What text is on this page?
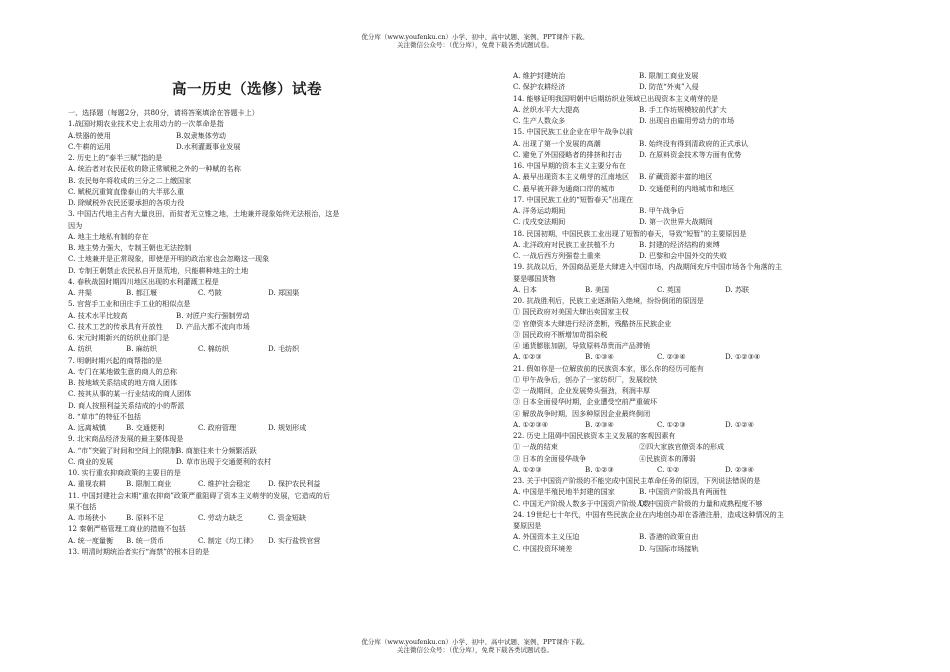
优分库（www.youfenku.cn）小学、初中、高中试题、案例、PPT课件下载。
关注微信公众号：（优分库），免费下载各类试题试卷。
高一历史（选修）试卷
一、选择题（每题2分，共80分，请将答案填涂在答题卡上）
1.战国时期农业技术史上农用动力的一次革命是指
A.铁器的使用	B.奴隶集体劳动
C.牛耕的运用	D.水利灌溉事业发展
2. 历史上的“泰半三赋”指的是
A. 统治者对农民征收的除正常赋税之外的一种赋的名称
B. 农民每年将收成的三分之二上缴国家
C. 赋税沉重简直像泰山的大半那么重
D. 除赋税外农民还要承担的各项力役
3. 中国古代地主占有大量良田，而贫者无立锥之地，土地兼并现象始终无法根治，这是
因为
A. 地主土地私有制的存在
B. 地主势力强大，专制王朝也无法控制
C. 土地兼并是正常现象，即使是开明的政治家也会忽略这一现象
D. 专制王朝禁止农民私自开垦荒地，只能耕种地主的土地
4. 春秋战国时期四川地区出现的水利灌溉工程是
A. 井渠	B. 都江堰	C. 芍陂	D. 郑国渠
5. 官营手工业和田庄手工业的相似点是
A. 技术水平比较高	B. 对匠户实行强制劳动
C. 技术工艺的传承具有开放性 D. 产品大都不流向市场
6. 宋元时期新兴的纺织业部门是
A. 纺织	B. 麻纺织	C. 棉纺织	D. 毛纺织
7. 明朝时期兴起的商帮指的是
A. 专门在某地做生意的商人的总称
B. 按地域关系结成的地方商人团体
C. 按其从事的某一行业结成的商人团体
D. 商人按照利益关系结成的小的帮派
8. “草市”的特征不包括
A. 远离城镇	B. 交通便利	C. 政府管理	D. 规划形成
9. 北宋商品经济发展的最主要体现是
A. “市”突破了时间和空间上的限制
B. 商旅往来十分频繁活跃
C. 商业的发展	D. 草市出现于交通便利的农村
10. 实行重农抑商政策的主要目的是
A. 重视农耕	B. 限制工商业	C. 维护社会稳定	D. 保护农民利益
11. 中国封建社会末期“重农抑商”政策严重阻碍了资本主义萌芽的发展，它造成的后
果不包括
A. 市场狭小	B. 原料不足	C. 劳动力缺乏	C. 资金短缺
12 秦朝严格管理工商业的措施不包括
A. 统一度量衡 B. 统一货币	C. 制定《均工律》 D. 实行盐铁官营
13. 明清时期统治者实行“海禁”的根本目的是
A. 维护封建统治	B. 限制工商业发展
C. 保护农耕经济	D. 防范“外夷”入侵
14. 能够证明我国明朝中后期纺织业领域已出现资本主义萌芽的是
A. 丝织水平大大提高	B. 手工作坊规模较前代扩大
C. 生产人数众多	D. 出现自由雇用劳动力的市场
15. 中国民族工业企业在甲午战争以前
A. 出现了第一个发展的高潮	B. 始终没有得到清政府的正式承认
C. 避免了外国侵略者的排挤和打击 D. 在原料资金技术等方面有优势
16. 中国早期的资本主义主要分布在
A. 最早出现资本主义萌芽的江南地区 B. 矿藏资源丰富的地区
C. 最早被开辟为通商口岸的城市	D. 交通便利的内地城市和地区
17. 中国民族工业的“短暂春天”出现在
A. 洋务运动期间	B. 甲午战争后
C. 戊戌变法期间	D. 第一次世界大战期间
18. 民国初期，中国民族工业出现了短暂的春天，导致“短暂”的主要原因是
A. 北洋政府对民族工业扶植不力	B. 封建的经济结构的束缚
C. 一战后西方列强卷土重来	D. 巴黎和会中国外交的失败
19. 抗战以后，外国商品更是大肆进入中国市场，内战期间充斥中国市场各个角落的主
要是哪国货物
A. 日本	B. 美国	C. 英国	D. 苏联
20. 抗战胜利后，民族工业逐渐陷入绝境，纷纷倒闭的原因是
① 国民政府对美国大肆出卖国家主权
② 官僚资本大肆进行经济垄断，残酷挤压民族企业
③ 国民政府不断增加苛捐杂税
④ 通货膨胀加剧，导致原料昂贵而产品滞销
A. ①②③	B. ①③④	C. ②③④	D. ①②③④
21. 假如你是一位解放前的民族资本家，那么你的经历可能有
① 甲午战争后，创办了一家纺织厂，发展较快
② 一战期间，企业发展势头强劲，利润丰厚
③ 日本全面侵华时期，企业遭受空前严重破坏
④ 解放战争时期，因多种原因企业最终倒闭
A. ①②③④	B. ②③④	C. ①②③	D. ①②④
22. 历史上阻碍中国民族资本主义发展的客观因素有
① 一战的结束	②四大家族官僚资本的形成
③ 日本的全面侵华战争	④民族资本的薄弱
A. ①②③	B. ①②③	C. ①②	D. ②③④
23. 关于中国资产阶级的不能完成中国民主革命任务的原因，下列说法错误的是
A. 中国是半殖民地半封建的国家	B. 中国资产阶级具有两面性
C. 中国无产阶级人数多于中国资产阶级人数
D. 中国资产阶级的力量和成熟程度不够
24. 19世纪七十年代，中国有些民族企业在内地创办却在香港注册，造成这种情况的主
要原因是
A. 外国资本主义压迫	B. 香港的政策自由
C. 中国投资环境差	D. 与国际市场接轨
优分库（www.youfenku.cn）小学、初中、高中试题、案例、PPT课件下载。
关注微信公众号：（优分库），免费下载各类试题试卷。
